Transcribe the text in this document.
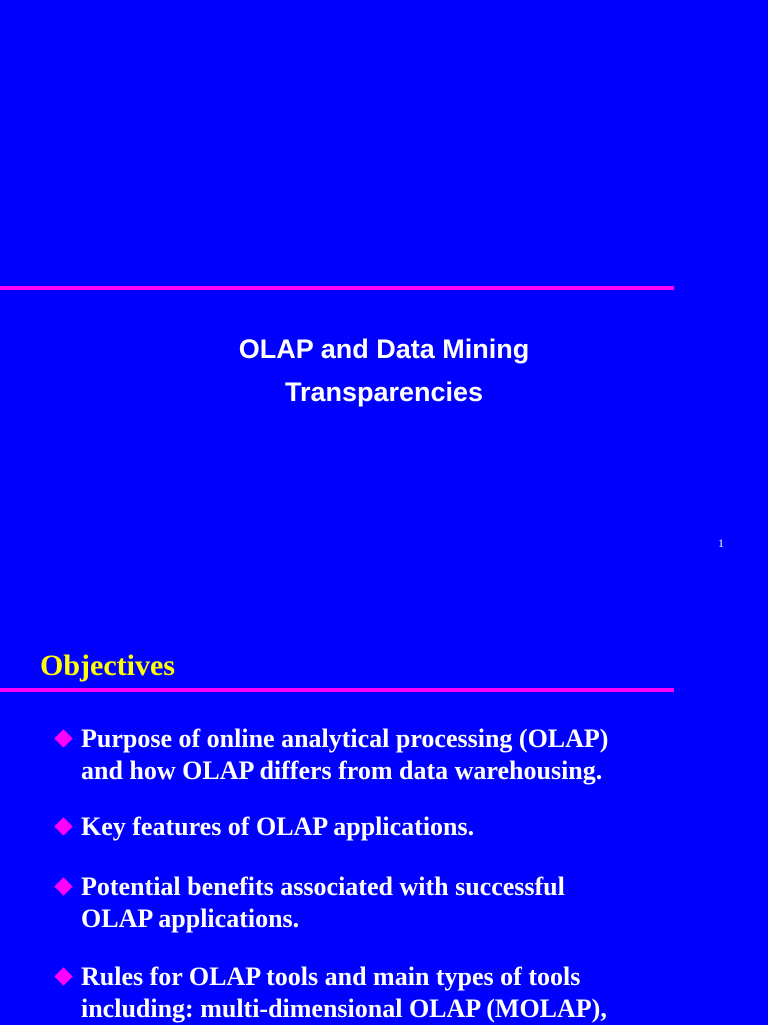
OLAP and Data Mining
Transparencies
1
Objectives
Purpose of online analytical processing (OLAP)
and how OLAP differs from data warehousing.
Key features of OLAP applications.
Potential benefits associated with successful
OLAP applications.
Rules for OLAP tools and main types of tools
including: multi-dimensional OLAP (MOLAP),
